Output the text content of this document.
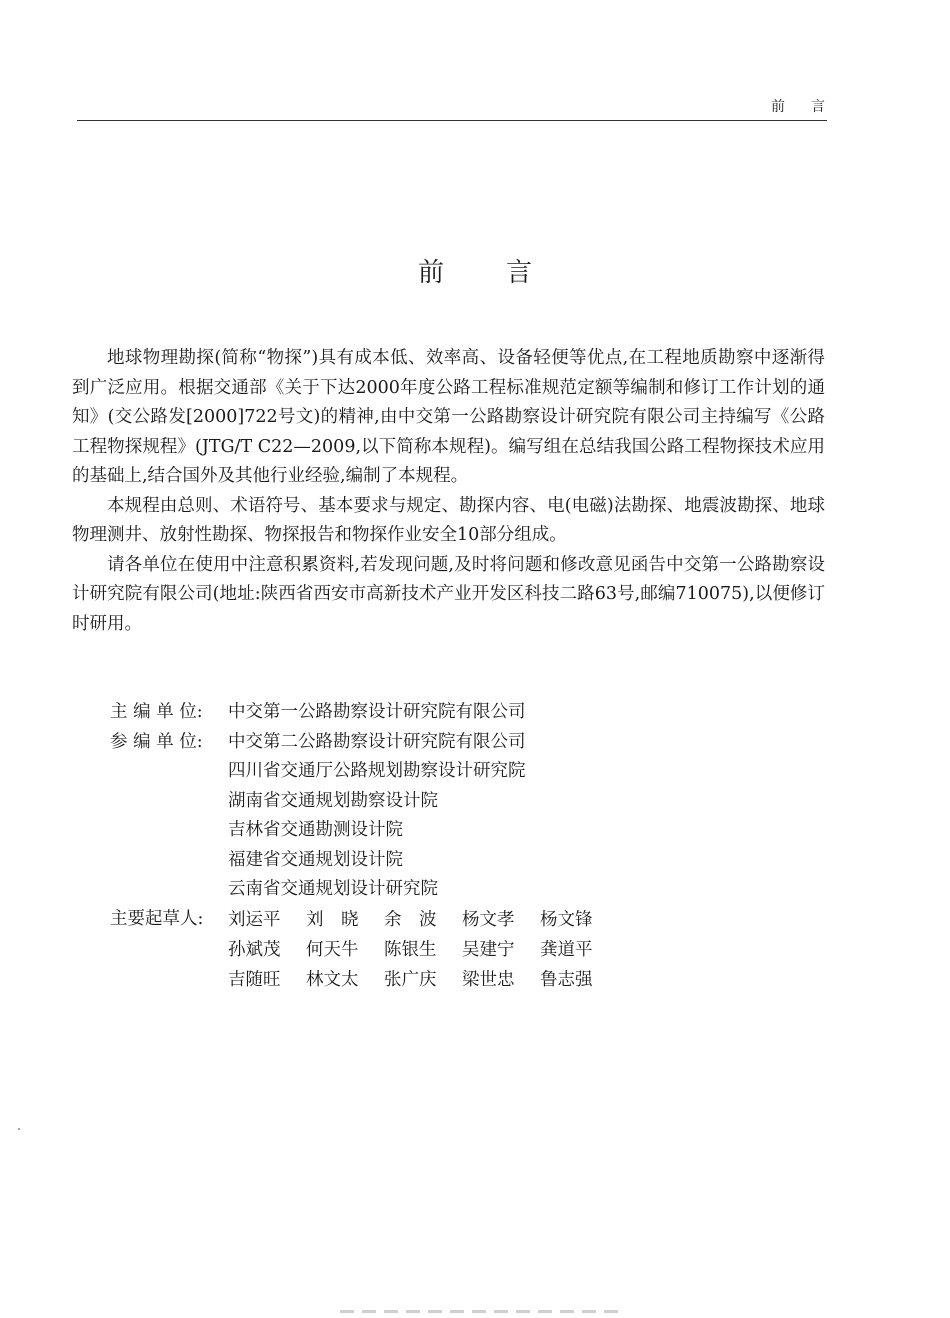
前言
前言

地球物理勘探(简称“物探”)具有成本低、效率高、设备轻便等优点,在工程地质勘察中逐渐得到广泛应用。根据交通部《关于下达2000年度公路工程标准规范定额等编制和修订工作计划的通知》(交公路发[2000]722号文)的精神,由中交第一公路勘察设计研究院有限公司主持编写《公路工程物探规程》(JTG/T C22—2009,以下简称本规程)。编写组在总结我国公路工程物探技术应用的基础上,结合国外及其他行业经验,编制了本规程。

本规程由总则、术语符号、基本要求与规定、勘探内容、电(电磁)法勘探、地震波勘探、地球物理测井、放射性勘探、物探报告和物探作业安全10部分组成。

请各单位在使用中注意积累资料,若发现问题,及时将问题和修改意见函告中交第一公路勘察设计研究院有限公司(地址:陕西省西安市高新技术产业开发区科技二路63号,邮编710075),以便修订时研用。

主 编 单 位:	中交第一公路勘察设计研究院有限公司
参 编 单 位:	中交第二公路勘察设计研究院有限公司
四川省交通厅公路规划勘察设计研究院
湖南省交通规划勘察设计院
吉林省交通勘测设计院
福建省交通规划设计院
云南省交通规划设计研究院
主要起草人:	刘运平	刘　晓	余　波	杨文孝	杨文锋
孙斌茂	何天牛	陈银生	吴建宁	龚道平
吉随旺	林文太	张广庆	梁世忠	鲁志强
